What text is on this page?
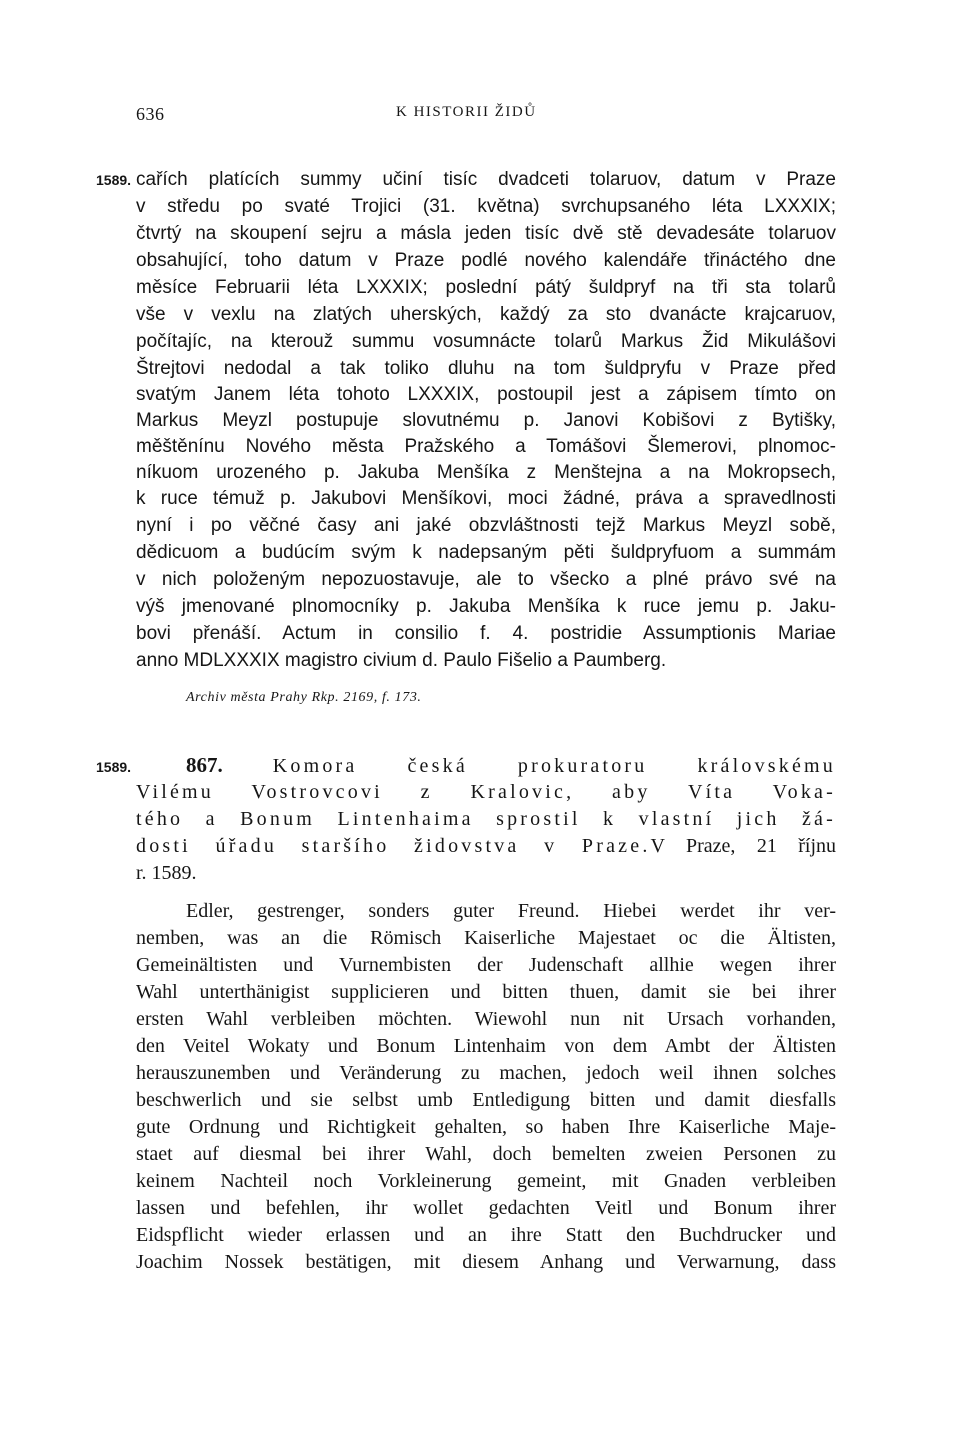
636	K HISTORII ŽIDŮ
1589.
1589.
cařích platících summy učiní tisíc dvadceti tolaruov, datum v Praze
v středu po svaté Trojici (31. května) svrchupsaného léta LXXXIX;
čtvrtý na skoupení sejru a másla jeden tisíc dvě stě devadesáte tolaruov
obsahující, toho datum v Praze podlé nového kalendáře třináctého dne
měsíce Februarii léta LXXXIX; poslední pátý šuldpryf na tři sta tolarů
vše v vexlu na zlatých uherských, každý za sto dvanácte krajcaruov,
počítajíc, na kterouž summu vosumnácte tolarů Markus Žid Mikulášovi
Štrejtovi nedodal a tak toliko dluhu na tom šuldpryfu v Praze před
svatým Janem léta tohoto LXXXIX, postoupil jest a zápisem tímto on
Markus Meyzl postupuje slovutnému p. Janovi Kobišovi z Bytišky,
měštěnínu Nového města Pražského a Tomášovi Šlemerovi, plnomoc-
níkuom urozeného p. Jakuba Menšíka z Menštejna a na Mokropsech,
k ruce témuž p. Jakubovi Menšíkovi, moci žádné, práva a spravedlnosti
nyní i po věčné časy ani jaké obzvláštnosti tejž Markus Meyzl sobě,
dědicuom a budúcím svým k nadepsaným pěti šuldpryfuom a summám
v nich položeným nepozuostavuje, ale to všecko a plné právo své na
výš jmenované plnomocníky p. Jakuba Menšíka k ruce jemu p. Jaku-
bovi přenáší. Actum in consilio f. 4. postridie Assumptionis Mariae
anno MDLXXXIX magistro civium d. Paulo Fišelio a Paumberg.
Archiv města Prahy Rkp. 2169, f. 173.
867.	Komora česká prokuratoru královskému
Vilému Vostrovcovi z Kralovic, aby Víta Voka-
tého a Bonum Lintenhaima sprostil k vlastní jich žá-
dosti úřadu staršího židovstva v Praze.V Praze, 21 říjnu
r. 1589.
Edler, gestrenger, sonders guter Freund. Hiebei werdet ihr ver-
nemben, was an die Römisch Kaiserliche Majestaet oc die Ältisten,
Gemeinältisten und Vurnembisten der Judenschaft allhie wegen ihrer
Wahl unterthänigist supplicieren und bitten thuen, damit sie bei ihrer
ersten Wahl verbleiben möchten. Wiewohl nun nit Ursach vorhanden,
den Veitel Wokaty und Bonum Lintenhaim von dem Ambt der Ältisten
herauszunemben und Veränderung zu machen, jedoch weil ihnen solches
beschwerlich und sie selbst umb Entledigung bitten und damit diesfalls
gute Ordnung und Richtigkeit gehalten, so haben Ihre Kaiserliche Maje-
staet auf diesmal bei ihrer Wahl, doch bemelten zweien Personen zu
keinem Nachteil noch Vorkleinerung gemeint, mit Gnaden verbleiben
lassen und befehlen, ihr wollet gedachten Veitl und Bonum ihrer
Eidspflicht wieder erlassen und an ihre Statt den Buchdrucker und
Joachim Nossek bestätigen, mit diesem Anhang und Verwarnung, dass
